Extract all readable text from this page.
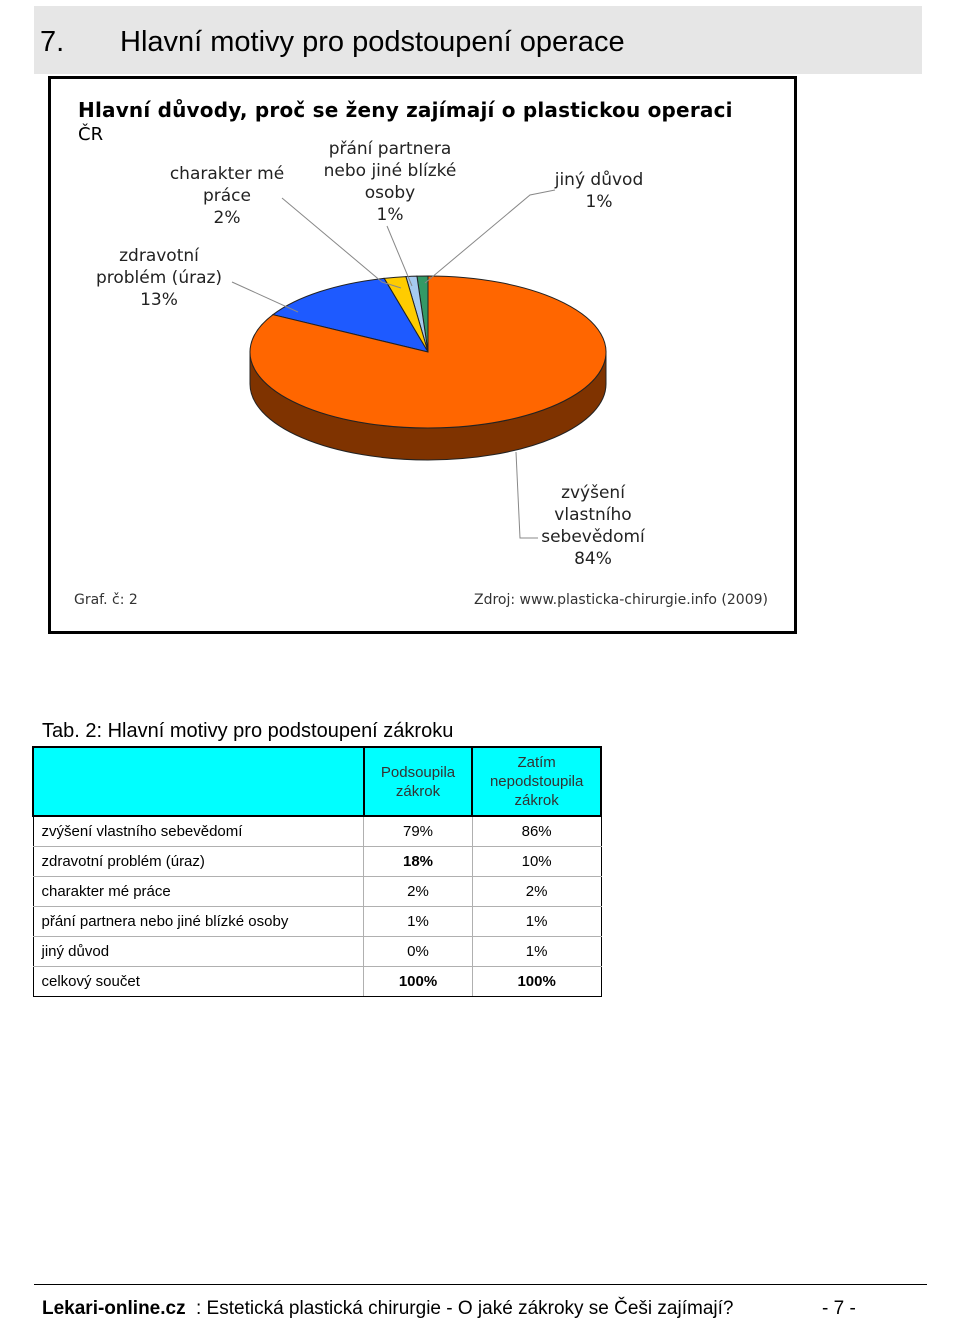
7. Hlavní motivy pro podstoupení operace
Hlavní důvody, proč se ženy zajímají o plastickou operaci
ČR
charakter mé
práce
2%
přání partnera
nebo jiné blízké
osoby
1%
jiný důvod
1%
zdravotní
problém (úraz)
13%
zvýšení
vlastního
sebevědomí
84%
Graf. č: 2	Zdroj: www.plasticka-chirurgie.info (2009)
Tab. 2: Hlavní motivy pro podstoupení zákroku
	Podsoupila zákrok	Zatím nepodstoupila zákrok
zvýšení vlastního sebevědomí	79%	86%
zdravotní problém (úraz)	18%	10%
charakter mé práce	2%	2%
přání partnera nebo jiné blízké osoby	1%	1%
jiný důvod	0%	1%
celkový součet	100%	100%
Lekari-online.cz : Estetická plastická chirurgie - O jaké zákroky se Češi zajímají?	- 7 -
